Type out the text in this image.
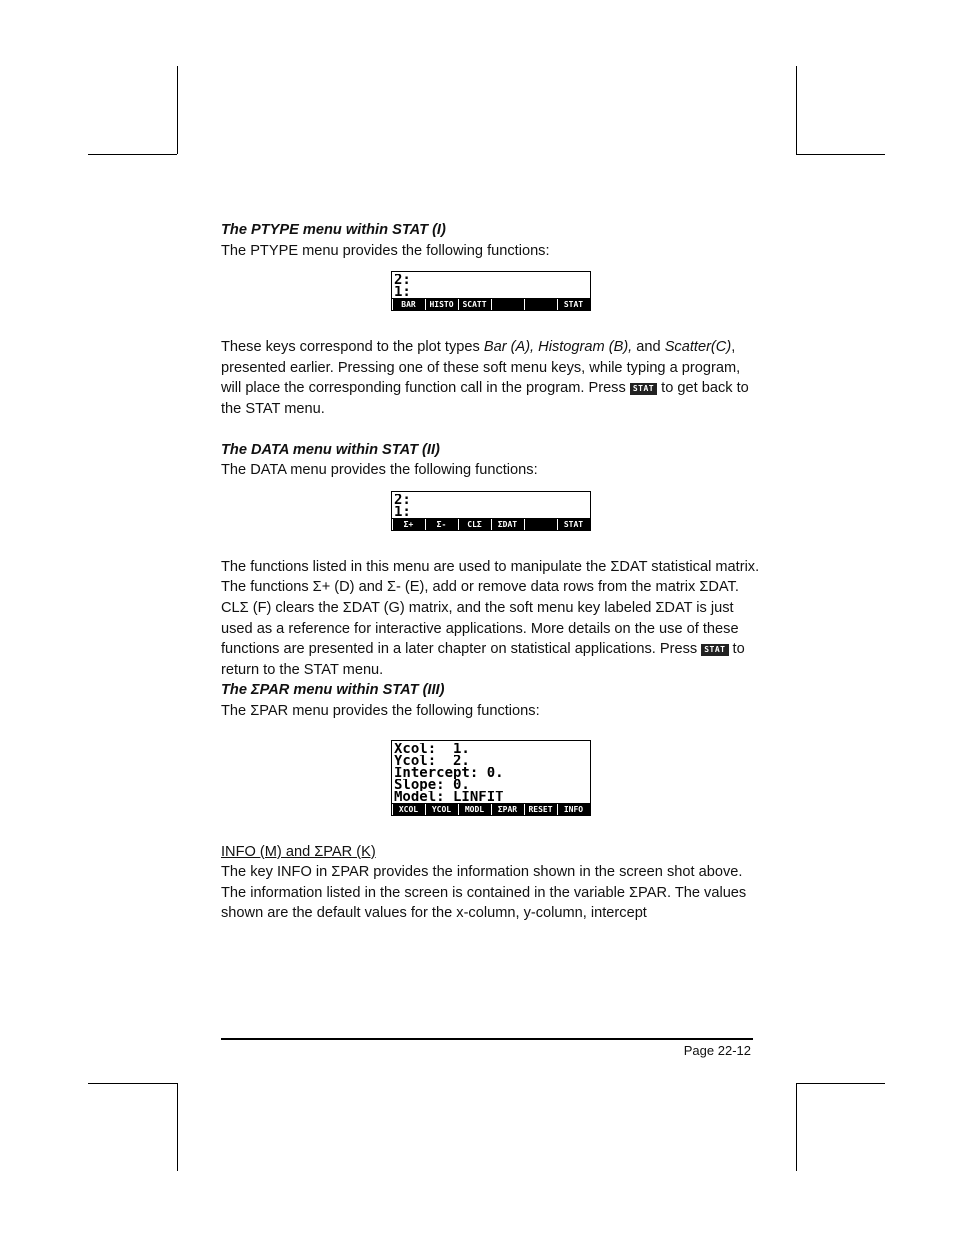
The PTYPE menu within STAT (I)

The PTYPE menu provides the following functions:

2:
1:
BAR	HISTO	SCATT	STAT

These keys correspond to the plot types Bar (A), Histogram (B), and Scatter(C), presented earlier. Pressing one of these soft menu keys, while typing a program, will place the corresponding function call in the program. Press STAT to get back to the STAT menu.

The DATA menu within STAT (II)

The DATA menu provides the following functions:

2:
1:
Σ+	Σ-	CLΣ	ΣDAT	STAT

The functions listed in this menu are used to manipulate the ΣDAT statistical matrix. The functions Σ+ (D) and Σ- (E), add or remove data rows from the matrix ΣDAT. CLΣ (F) clears the ΣDAT (G) matrix, and the soft menu key labeled ΣDAT is just used as a reference for interactive applications. More details on the use of these functions are presented in a later chapter on statistical applications. Press STAT to return to the STAT menu.

The ΣPAR menu within STAT (III)

The ΣPAR menu provides the following functions:

Xcol:  1.
Ycol:  2.
Intercept: 0.
Slope: 0.
Model: LINFIT
XCOL	YCOL	MODL	ΣPAR	RESET	INFO

INFO (M) and ΣPAR (K)

The key INFO in ΣPAR provides the information shown in the screen shot above. The information listed in the screen is contained in the variable ΣPAR. The values shown are the default values for the x-column, y-column, intercept

Page 22-12
